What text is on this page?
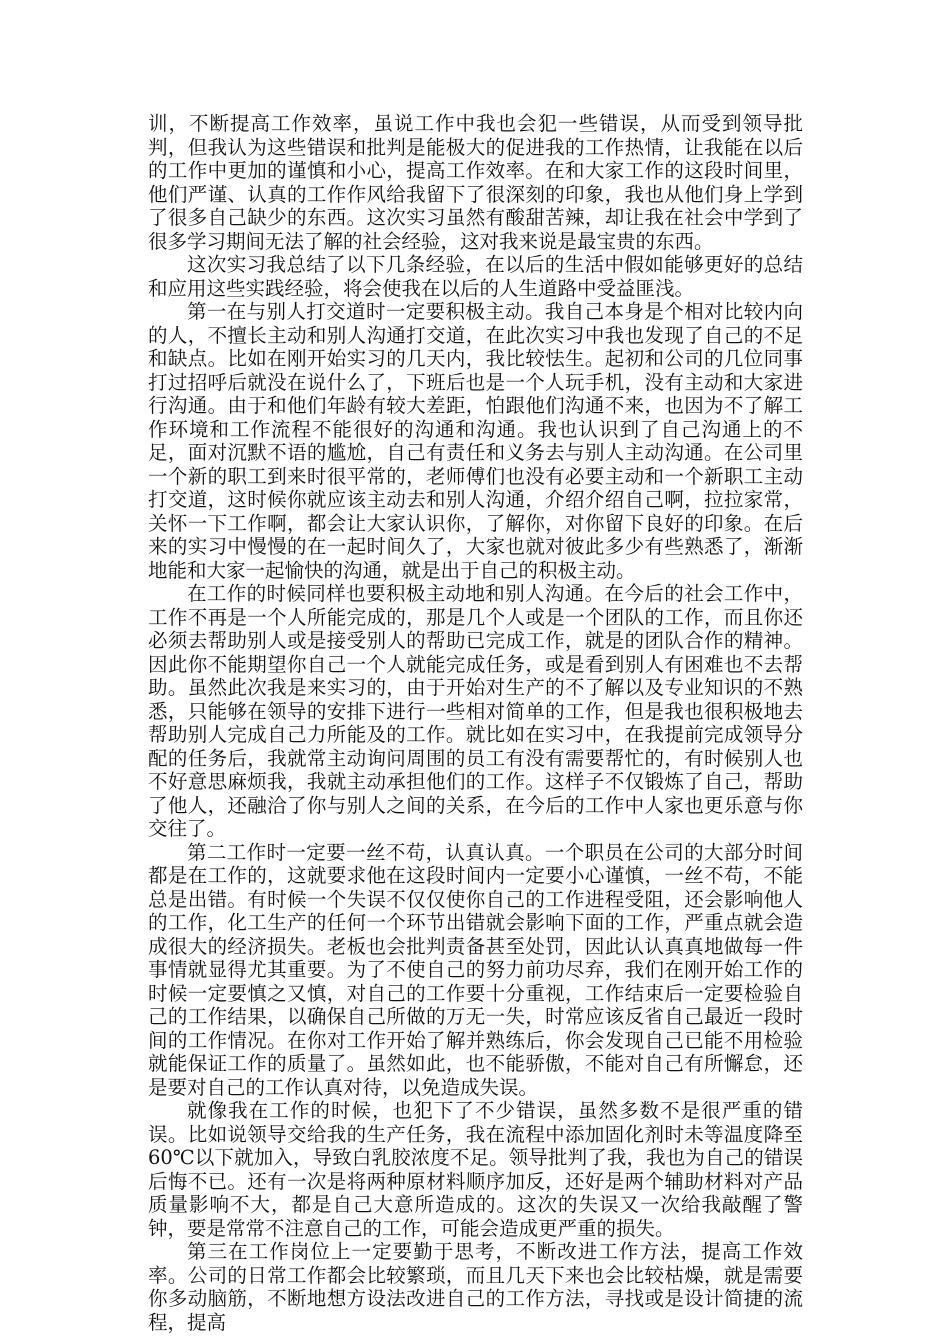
训，不断提高工作效率，虽说工作中我也会犯一些错误，从而受到领导批判，但我认为这些错误和批判是能极大的促进我的工作热情，让我能在以后的工作中更加的谨慎和小心，提高工作效率。在和大家工作的这段时间里，他们严谨、认真的工作作风给我留下了很深刻的印象，我也从他们身上学到了很多自己缺少的东西。这次实习虽然有酸甜苦辣，却让我在社会中学到了很多学习期间无法了解的社会经验，这对我来说是最宝贵的东西。

这次实习我总结了以下几条经验，在以后的生活中假如能够更好的总结和应用这些实践经验，将会使我在以后的人生道路中受益匪浅。

第一在与别人打交道时一定要积极主动。我自己本身是个相对比较内向的人，不擅长主动和别人沟通打交道，在此次实习中我也发现了自己的不足和缺点。比如在刚开始实习的几天内，我比较怯生。起初和公司的几位同事打过招呼后就没在说什么了，下班后也是一个人玩手机，没有主动和大家进行沟通。由于和他们年龄有较大差距，怕跟他们沟通不来，也因为不了解工作环境和工作流程不能很好的沟通和沟通。我也认识到了自己沟通上的不足，面对沉默不语的尴尬，自己有责任和义务去与别人主动沟通。在公司里一个新的职工到来时很平常的，老师傅们也没有必要主动和一个新职工主动打交道，这时候你就应该主动去和别人沟通，介绍介绍自己啊，拉拉家常，关怀一下工作啊，都会让大家认识你，了解你，对你留下良好的印象。在后来的实习中慢慢的在一起时间久了，大家也就对彼此多少有些熟悉了，渐渐地能和大家一起愉快的沟通，就是出于自己的积极主动。

在工作的时候同样也要积极主动地和别人沟通。在今后的社会工作中，工作不再是一个人所能完成的，那是几个人或是一个团队的工作，而且你还必须去帮助别人或是接受别人的帮助已完成工作，就是的团队合作的精神。因此你不能期望你自己一个人就能完成任务，或是看到别人有困难也不去帮助。虽然此次我是来实习的，由于开始对生产的不了解以及专业知识的不熟悉，只能够在领导的安排下进行一些相对简单的工作，但是我也很积极地去帮助别人完成自己力所能及的工作。就比如在实习中，在我提前完成领导分配的任务后，我就常主动询问周围的员工有没有需要帮忙的，有时候别人也不好意思麻烦我，我就主动承担他们的工作。这样子不仅锻炼了自己，帮助了他人，还融洽了你与别人之间的关系，在今后的工作中人家也更乐意与你交往了。

第二工作时一定要一丝不苟，认真认真。一个职员在公司的大部分时间都是在工作的，这就要求他在这段时间内一定要小心谨慎，一丝不苟，不能总是出错。有时候一个失误不仅仅使你自己的工作进程受阻，还会影响他人的工作，化工生产的任何一个环节出错就会影响下面的工作，严重点就会造成很大的经济损失。老板也会批判责备甚至处罚，因此认认真真地做每一件事情就显得尤其重要。为了不使自己的努力前功尽弃，我们在刚开始工作的时候一定要慎之又慎，对自己的工作要十分重视，工作结束后一定要检验自己的工作结果，以确保自己所做的万无一失，时常应该反省自己最近一段时间的工作情况。在你对工作开始了解并熟练后，你会发现自己已能不用检验就能保证工作的质量了。虽然如此，也不能骄傲，不能对自己有所懈怠，还是要对自己的工作认真对待，以免造成失误。

就像我在工作的时候，也犯下了不少错误，虽然多数不是很严重的错误。比如说领导交给我的生产任务，我在流程中添加固化剂时未等温度降至60℃以下就加入，导致白乳胶浓度不足。领导批判了我，我也为自己的错误后悔不已。还有一次是将两种原材料顺序加反，还好是两个辅助材料对产品质量影响不大，都是自己大意所造成的。这次的失误又一次给我敲醒了警钟，要是常常不注意自己的工作，可能会造成更严重的损失。

第三在工作岗位上一定要勤于思考，不断改进工作方法，提高工作效率。公司的日常工作都会比较繁琐，而且几天下来也会比较枯燥，就是需要你多动脑筋，不断地想方设法改进自己的工作方法，寻找或是设计简捷的流程，提高
